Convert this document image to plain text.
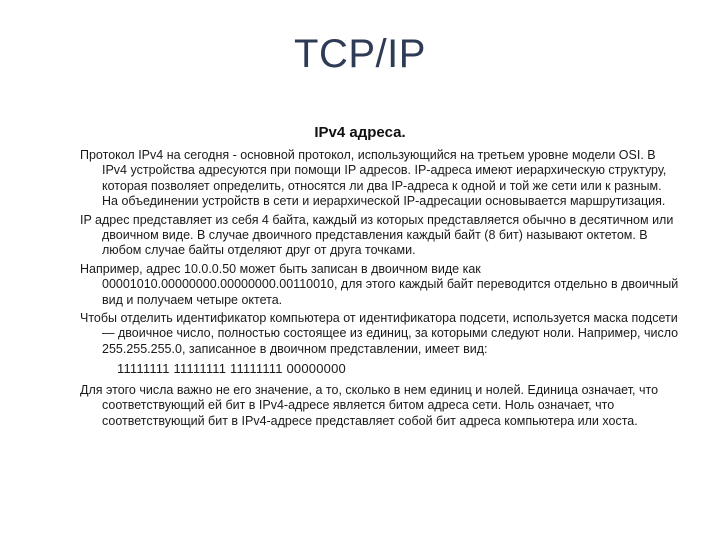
TCP/IP
IPv4 адреса.

Протокол IPv4 на сегодня - основной протокол, использующийся на третьем уровне модели OSI. В IPv4 устройства адресуются при помощи IP адресов. IP-адреса имеют иерархическую структуру, которая позволяет определить, относятся ли два IP-адреса к одной и той же сети или к разным. На объединении устройств в сети и иерархической IP-адресации основывается маршрутизация.

IP адрес представляет из себя 4 байта, каждый из которых представляется обычно в десятичном или двоичном виде. В случае двоичного представления каждый байт (8 бит) называют октетом. В любом случае байты отделяют друг от друга точками.

Например, адрес 10.0.0.50 может быть записан в двоичном виде как 00001010.00000000.00000000.00110010, для этого каждый байт переводится отдельно в двоичный вид и получаем четыре октета.

Чтобы отделить идентификатор компьютера от идентификатора подсети, используется маска подсети — двоичное число, полностью состоящее из единиц, за которыми следуют ноли. Например, число 255.255.255.0, записанное в двоичном представлении, имеет вид:

11111111 11111111 11111111 00000000

Для этого числа важно не его значение, а то, сколько в нем единиц и нолей. Единица означает, что соответствующий ей бит в IPv4-адресе является битом адреса сети. Ноль означает, что соответствующий бит в IPv4-адресе представляет собой бит адреса компьютера или хоста.
